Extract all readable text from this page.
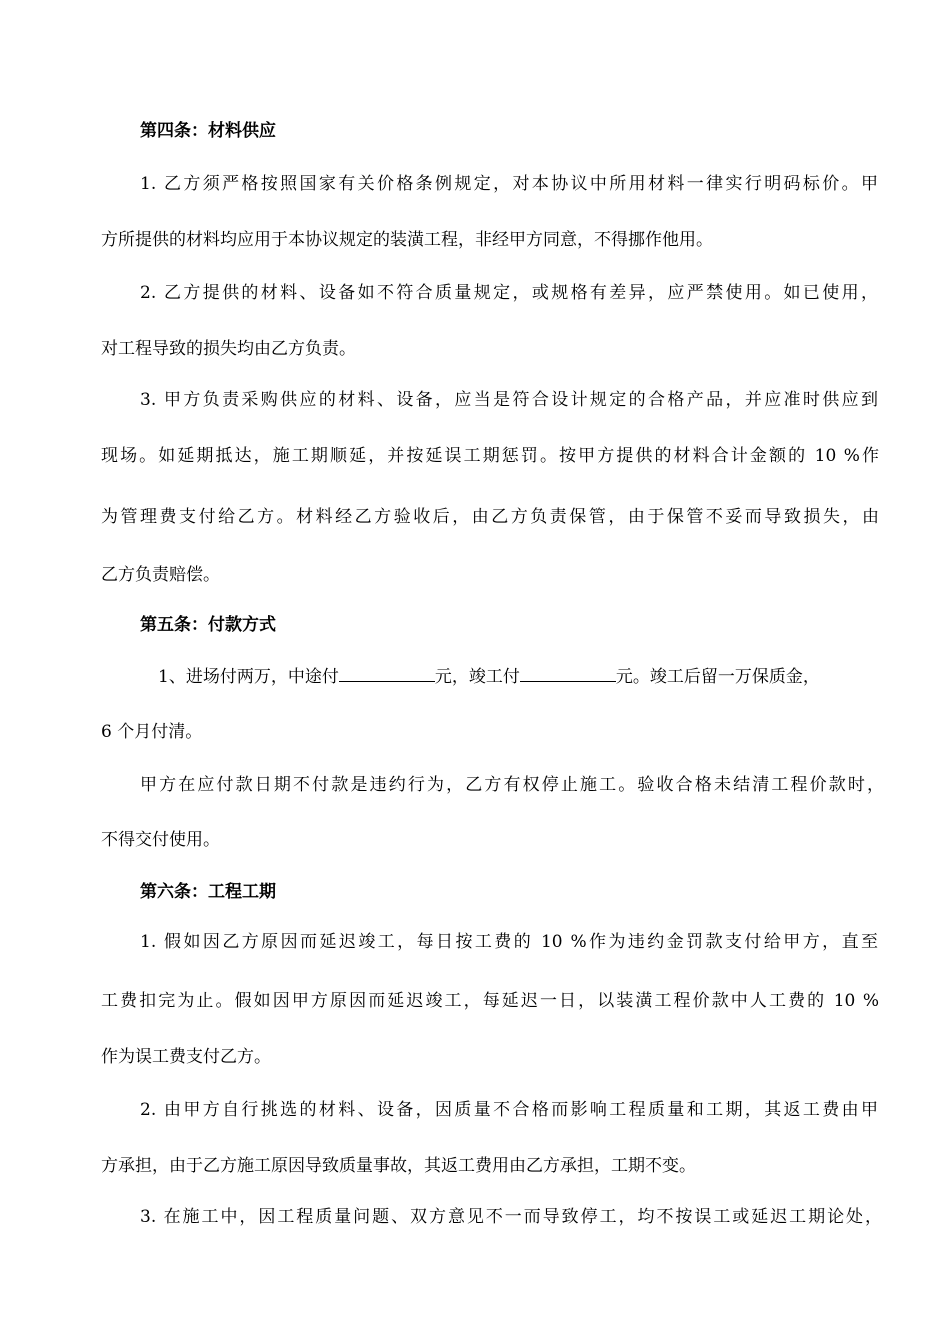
第四条：材料供应
1. 乙方须严格按照国家有关价格条例规定，对本协议中所用材料一律实行明码标价。甲
方所提供的材料均应用于本协议规定的装潢工程，非经甲方同意，不得挪作他用。
2. 乙方提供的材料、设备如不符合质量规定，或规格有差异，应严禁使用。如已使用，
对工程导致的损失均由乙方负责。
3. 甲方负责采购供应的材料、设备，应当是符合设计规定的合格产品，并应准时供应到
现场。如延期抵达，施工期顺延，并按延误工期惩罚。按甲方提供的材料合计金额的 10 %作
为管理费支付给乙方。材料经乙方验收后，由乙方负责保管，由于保管不妥而导致损失，由
乙方负责赔偿。
第五条：付款方式
1、进场付两万，中途付	元，竣工付	元。竣工后留一万保质金，
6 个月付清。
甲方在应付款日期不付款是违约行为，乙方有权停止施工。验收合格未结清工程价款时，
不得交付使用。
第六条：工程工期
1. 假如因乙方原因而延迟竣工，每日按工费的 10 %作为违约金罚款支付给甲方，直至
工费扣完为止。假如因甲方原因而延迟竣工，每延迟一日，以装潢工程价款中人工费的 10 %
作为误工费支付乙方。
2. 由甲方自行挑选的材料、设备，因质量不合格而影响工程质量和工期，其返工费由甲
方承担，由于乙方施工原因导致质量事故，其返工费用由乙方承担，工期不变。
3. 在施工中，因工程质量问题、双方意见不一而导致停工，均不按误工或延迟工期论处，
